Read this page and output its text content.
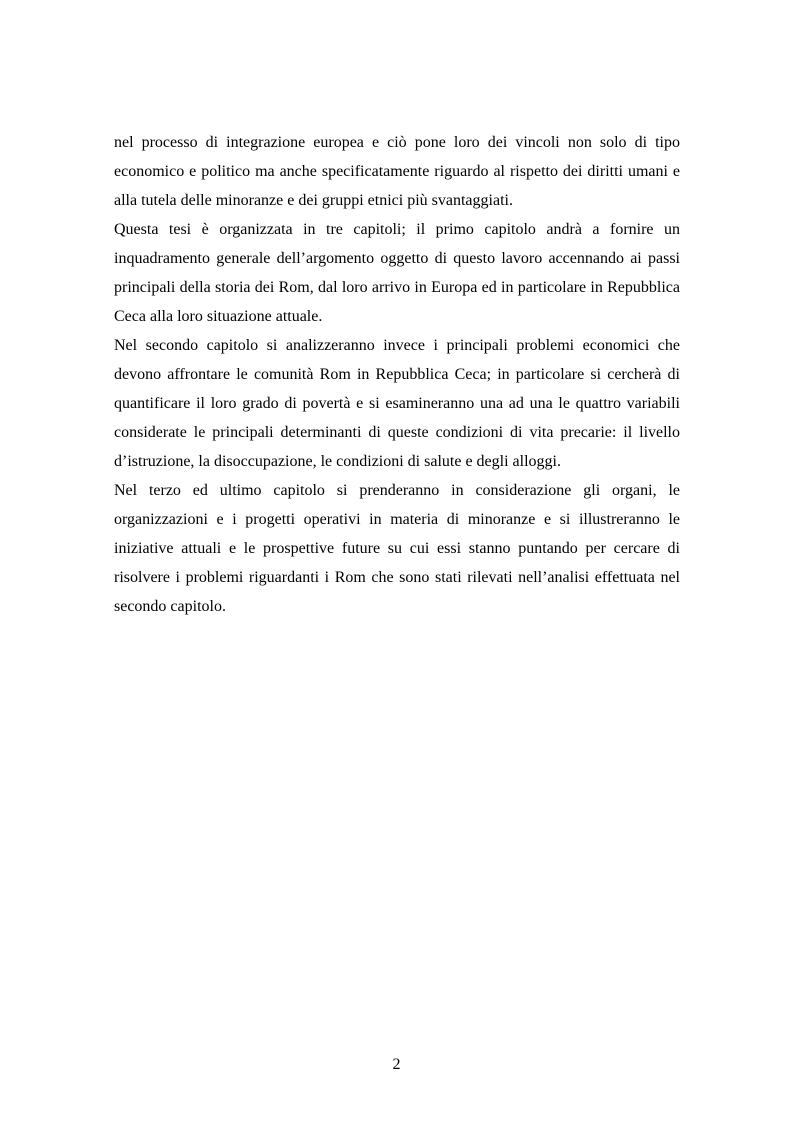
nel processo di integrazione europea e ciò pone loro dei vincoli non solo di tipo economico e politico ma anche specificatamente riguardo al rispetto dei diritti umani e alla tutela delle minoranze e dei gruppi etnici più svantaggiati.

Questa tesi è organizzata in tre capitoli; il primo capitolo andrà a fornire un inquadramento generale dell’argomento oggetto di questo lavoro accennando ai passi principali della storia dei Rom, dal loro arrivo in Europa ed in particolare in Repubblica Ceca alla loro situazione attuale.

Nel secondo capitolo si analizzeranno invece i principali problemi economici che devono affrontare le comunità Rom in Repubblica Ceca; in particolare si cercherà di quantificare il loro grado di povertà e si esamineranno una ad una le quattro variabili considerate le principali determinanti di queste condizioni di vita precarie: il livello d’istruzione, la disoccupazione, le condizioni di salute e degli alloggi.

Nel terzo ed ultimo capitolo si prenderanno in considerazione gli organi, le organizzazioni e i progetti operativi in materia di minoranze e si illustreranno le iniziative attuali e le prospettive future su cui essi stanno puntando per cercare di risolvere i problemi riguardanti i Rom che sono stati rilevati nell’analisi effettuata nel secondo capitolo.

2
